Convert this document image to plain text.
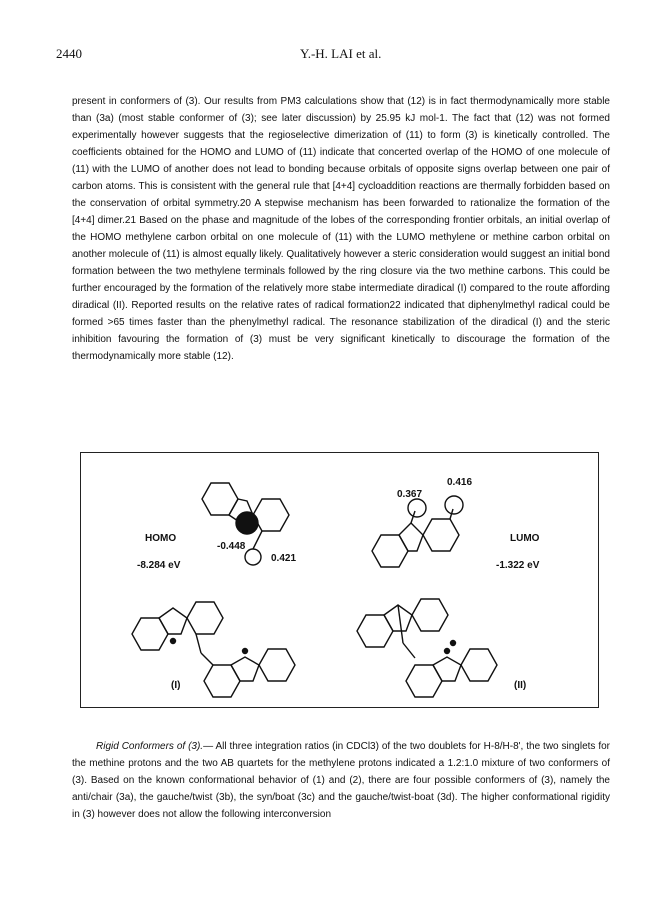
2440	Y.-H. LAI et al.

present in conformers of (3). Our results from PM3 calculations show that (12) is in fact thermodynamically more stable than (3a) (most stable conformer of (3); see later discussion) by 25.95 kJ mol-1. The fact that (12) was not formed experimentally however suggests that the regioselective dimerization of (11) to form (3) is kinetically controlled. The coefficients obtained for the HOMO and LUMO of (11) indicate that concerted overlap of the HOMO of one molecule of (11) with the LUMO of another does not lead to bonding because orbitals of opposite signs overlap between one pair of carbon atoms. This is consistent with the general rule that [4+4] cycloaddition reactions are thermally forbidden based on the conservation of orbital symmetry.20 A stepwise mechanism has been forwarded to rationalize the formation of the [4+4] dimer.21 Based on the phase and magnitude of the lobes of the corresponding frontier orbitals, an initial overlap of the HOMO methylene carbon orbital on one molecule of (11) with the LUMO methylene or methine carbon orbital on another molecule of (11) is almost equally likely. Qualitatively however a steric consideration would suggest an initial bond formation between the two methylene terminals followed by the ring closure via the two methine carbons. This could be further encouraged by the formation of the relatively more stabe intermediate diradical (I) compared to the route affording diradical (II). Reported results on the relative rates of radical formation22 indicated that diphenylmethyl radical could be formed >65 times faster than the phenylmethyl radical. The resonance stabilization of the diradical (I) and the steric inhibition favouring the formation of (3) must be very significant kinetically to discourage the formation of the thermodynamically more stable (12).

HOMO
-8.284 eV
-0.448
0.421
0.367
0.416
LUMO
-1.322 eV
(I)	(II)

Rigid Conformers of (3).— All three integration ratios (in CDCl3) of the two doublets for H-8/H-8', the two singlets for the methine protons and the two AB quartets for the methylene protons indicated a 1.2:1.0 mixture of two conformers of (3). Based on the known conformational behavior of (1) and (2), there are four possible conformers of (3), namely the anti/chair (3a), the gauche/twist (3b), the syn/boat (3c) and the gauche/twist-boat (3d). The higher conformational rigidity in (3) however does not allow the following interconversion
